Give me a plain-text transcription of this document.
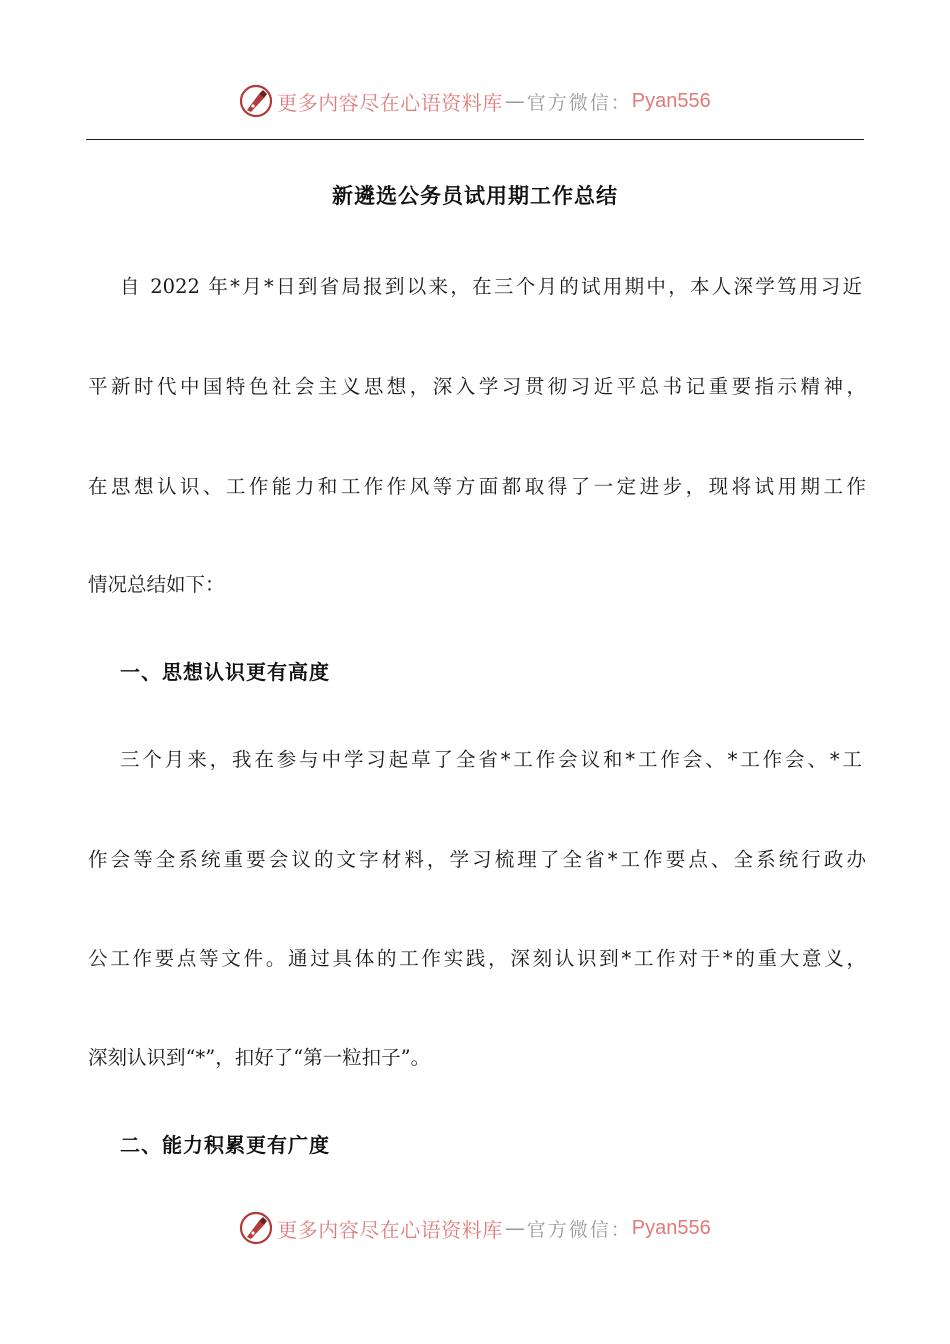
更多内容尽在心语资料库 — 官方微信： Pyan556
新遴选公务员试用期工作总结
自 2022 年*月*日到省局报到以来，在三个月的试用期中，本人深学笃用习近
平新时代中国特色社会主义思想，深入学习贯彻习近平总书记重要指示精神，
在思想认识、工作能力和工作作风等方面都取得了一定进步，现将试用期工作
情况总结如下：
一、思想认识更有高度
三个月来，我在参与中学习起草了全省*工作会议和*工作会、*工作会、*工
作会等全系统重要会议的文字材料，学习梳理了全省*工作要点、全系统行政办
公工作要点等文件。通过具体的工作实践，深刻认识到*工作对于*的重大意义，
深刻认识到“*”，扣好了“第一粒扣子”。
二、能力积累更有广度
更多内容尽在心语资料库 — 官方微信： Pyan556
